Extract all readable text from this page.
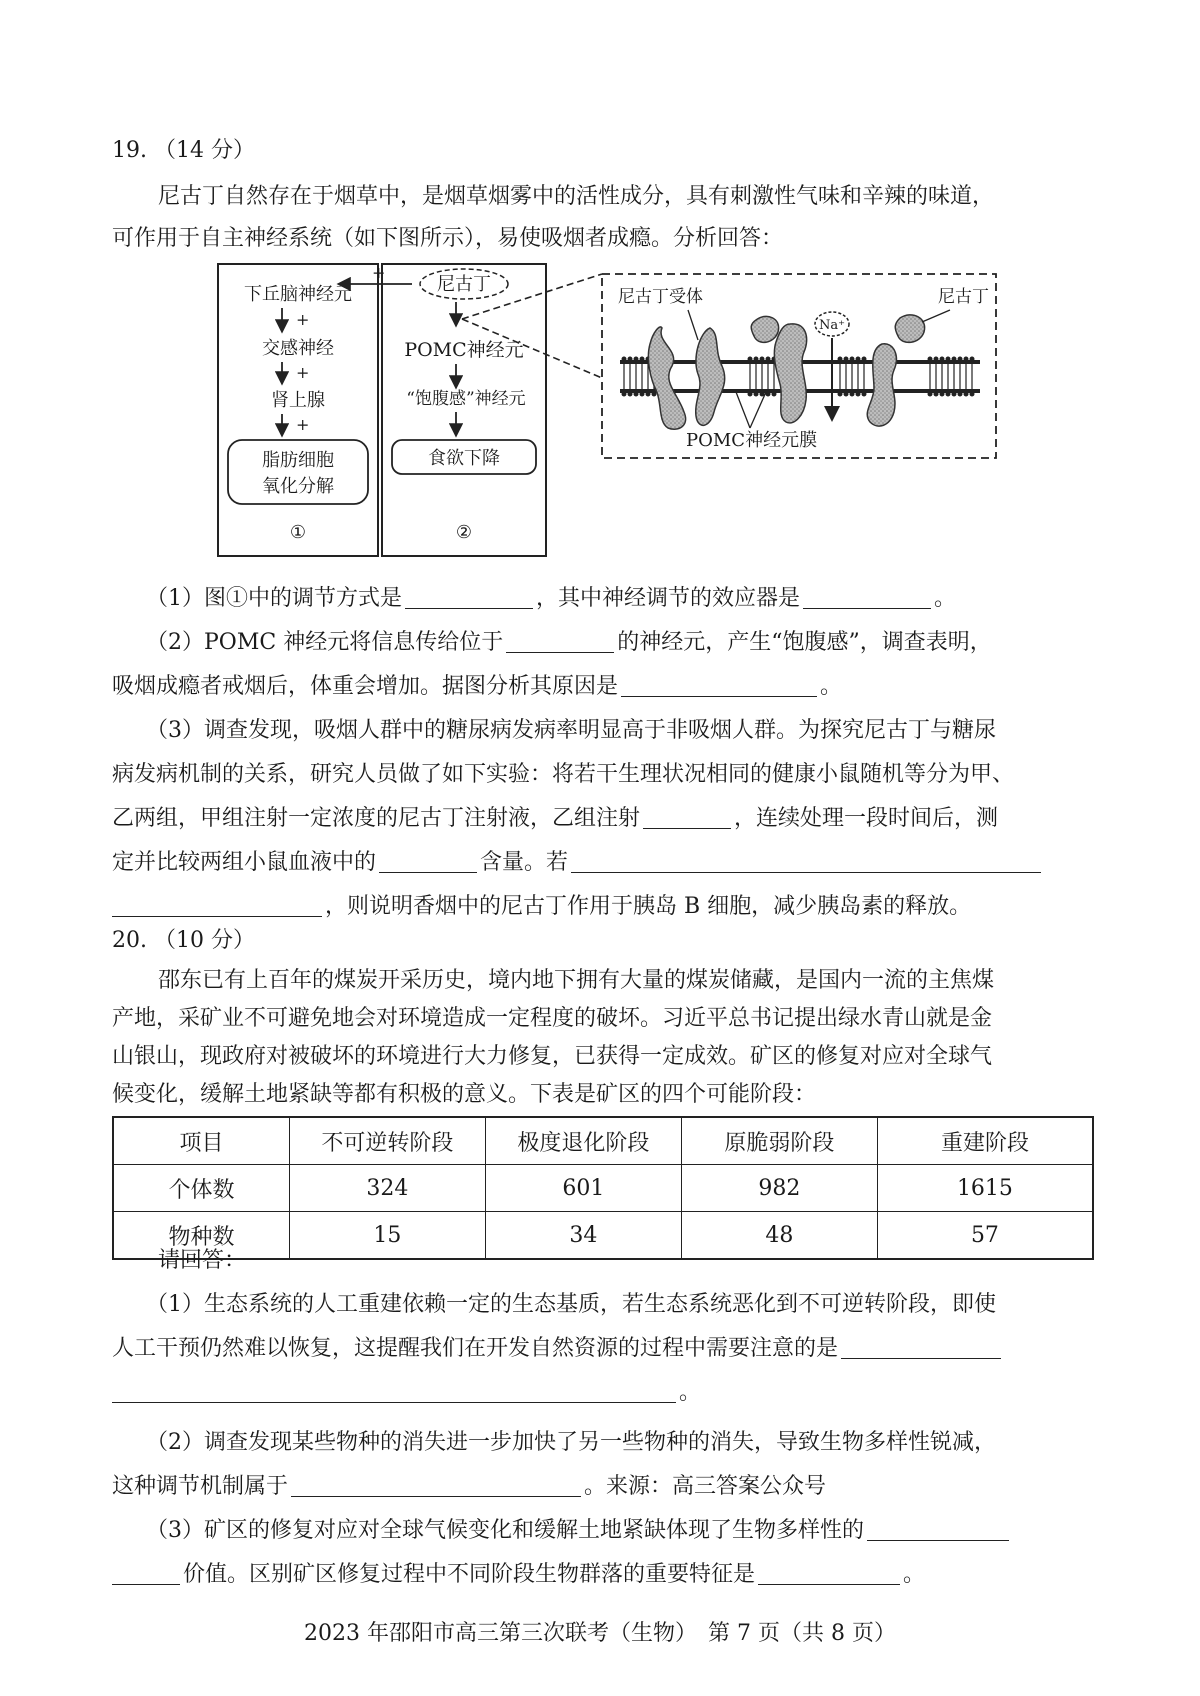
19. （14 分）
尼古丁自然存在于烟草中，是烟草烟雾中的活性成分，具有刺激性气味和辛辣的味道，
可作用于自主神经系统（如下图所示），易使吸烟者成瘾。分析回答：
下丘脑神经元
+
交感神经
+
肾上腺
+
脂肪细胞
氧化分解
①
+
尼古丁
POMC神经元
“饱腹感”神经元
食欲下降
②
Na⁺
尼古丁受体	尼古丁
POMC神经元膜
（1）图①中的调节方式是	，其中神经调节的效应器是	。
（2）POMC 神经元将信息传给位于	的神经元，产生“饱腹感”，调查表明，
吸烟成瘾者戒烟后，体重会增加。据图分析其原因是	。
（3）调查发现，吸烟人群中的糖尿病发病率明显高于非吸烟人群。为探究尼古丁与糖尿
病发病机制的关系，研究人员做了如下实验：将若干生理状况相同的健康小鼠随机等分为甲、
乙两组，甲组注射一定浓度的尼古丁注射液，乙组注射	，连续处理一段时间后，测
定并比较两组小鼠血液中的	含量。若
，则说明香烟中的尼古丁作用于胰岛 B 细胞，减少胰岛素的释放。
20. （10 分）
邵东已有上百年的煤炭开采历史，境内地下拥有大量的煤炭储藏，是国内一流的主焦煤
产地，采矿业不可避免地会对环境造成一定程度的破坏。习近平总书记提出绿水青山就是金
山银山，现政府对被破坏的环境进行大力修复，已获得一定成效。矿区的修复对应对全球气
项目	不可逆转阶段	极度退化阶段	原脆弱阶段	重建阶段
个体数	324	601	982	1615
物种数	15	34	48	57
请回答：
（1）生态系统的人工重建依赖一定的生态基质，若生态系统恶化到不可逆转阶段，即使
人工干预仍然难以恢复，这提醒我们在开发自然资源的过程中需要注意的是
。
（2）调查发现某些物种的消失进一步加快了另一些物种的消失，导致生物多样性锐减，
这种调节机制属于	。来源：高三答案公众号
（3）矿区的修复对应对全球气候变化和缓解土地紧缺体现了生物多样性的
价值。区别矿区修复过程中不同阶段生物群落的重要特征是	。
2023 年邵阳市高三第三次联考（生物）　第 7 页（共 8 页）
候变化，缓解土地紧缺等都有积极的意义。下表是矿区的四个可能阶段：
